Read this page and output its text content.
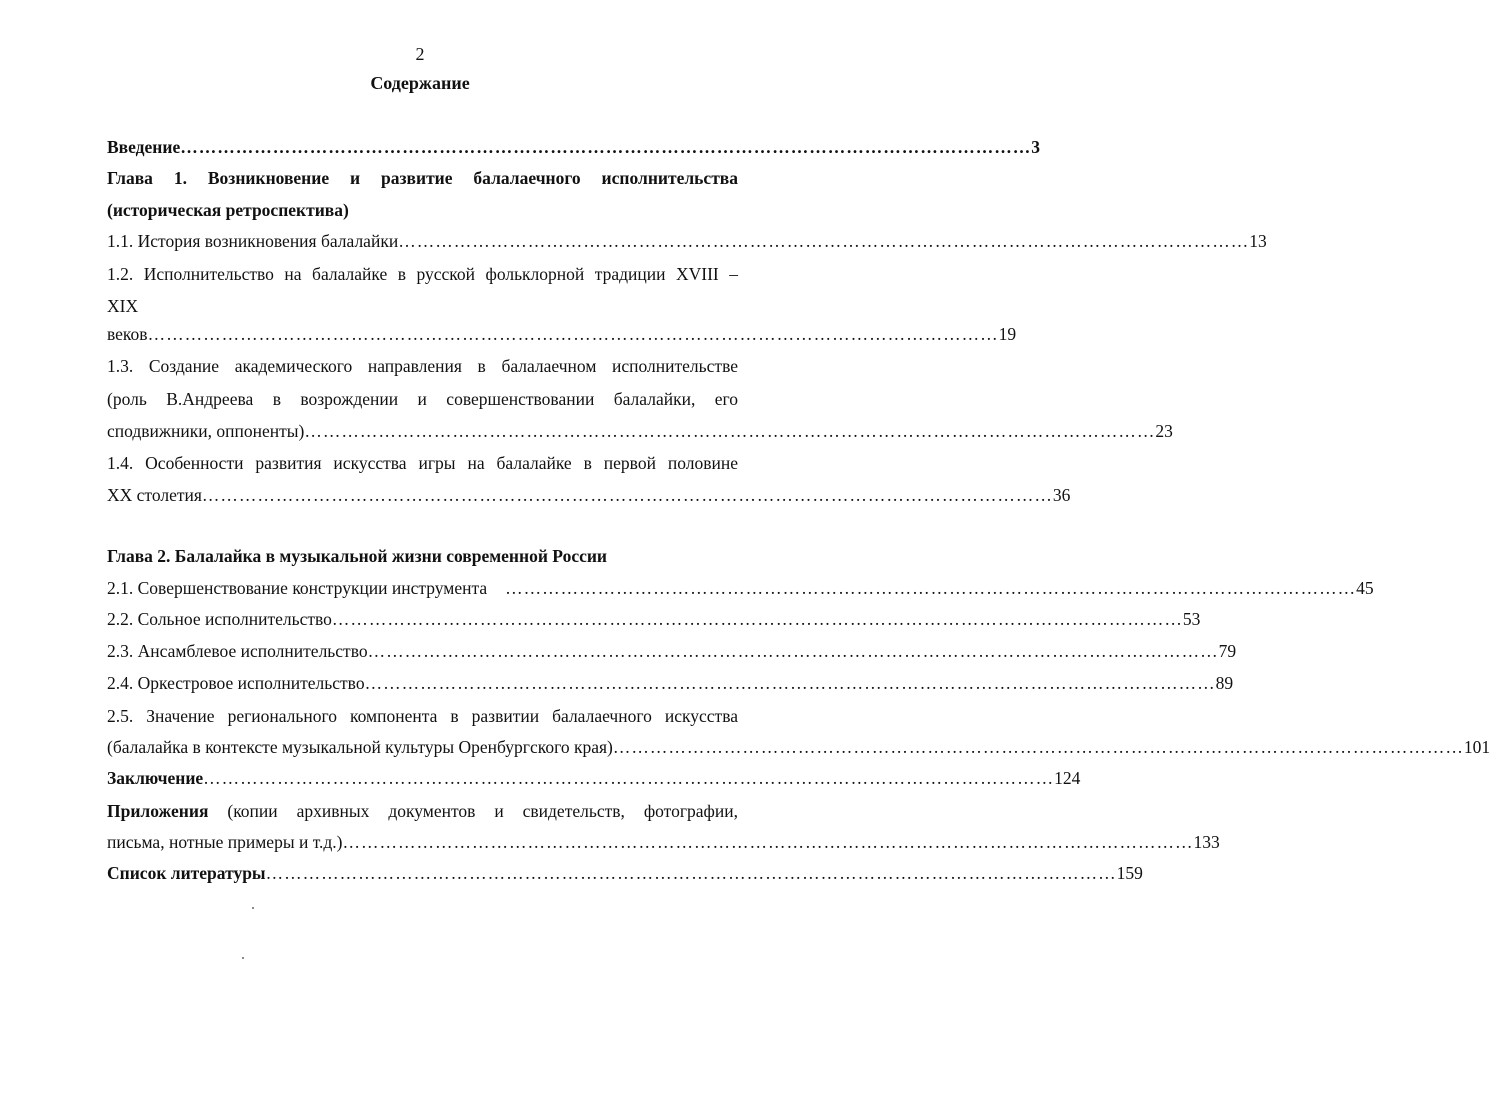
2
Содержание
Введение ………………………………………………………………………………………………………………………… 3
Глава 1. Возникновение и развитие балалаечного исполнительства
(историческая ретроспектива)
1.1. История возникновения балалайки ………………………………………………………………………………………………………………………… 13
1.2. Исполнительство на балалайке в русской фольклорной традиции XVIII –
XIX
веков ………………………………………………………………………………………………………………………… 19
1.3. Создание академического направления в балалаечном исполнительстве
(роль В.Андреева в возрождении и совершенствовании балалайки, его
сподвижники, оппоненты) ………………………………………………………………………………………………………………………… 23
1.4. Особенности развития искусства игры на балалайке в первой половине
XX столетия ………………………………………………………………………………………………………………………… 36
Глава 2. Балалайка в музыкальной жизни современной России
2.1. Совершенствование конструкции инструмента	………………………………………………………………………………………………………………………… 45
2.2. Сольное исполнительство ………………………………………………………………………………………………………………………… 53
2.3. Ансамблевое исполнительство ………………………………………………………………………………………………………………………… 79
2.4. Оркестровое исполнительство ………………………………………………………………………………………………………………………… 89
2.5. Значение регионального компонента в развитии балалаечного искусства
(балалайка в контексте музыкальной культуры Оренбургского края) ………………………………………………………………………………………………………………………… 101
Заключение ………………………………………………………………………………………………………………………… 124
Приложения (копии архивных документов и свидетельств, фотографии,
письма, нотные примеры и т.д.) ………………………………………………………………………………………………………………………… 133
Список литературы ………………………………………………………………………………………………………………………… 159
